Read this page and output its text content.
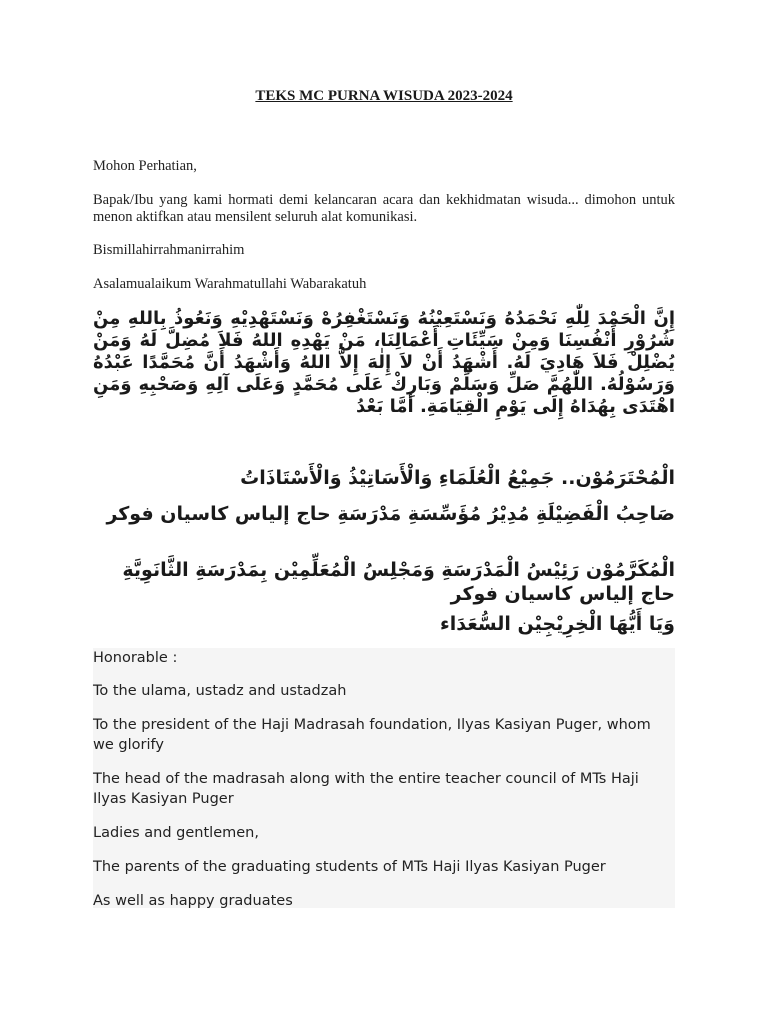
TEKS MC PURNA WISUDA 2023-2024

Mohon Perhatian,

Bapak/Ibu yang kami hormati demi kelancaran acara dan kekhidmatan wisuda... dimohon untuk menon aktifkan atau mensilent seluruh alat komunikasi.

Bismillahirrahmanirrahim

Asalamualaikum Warahmatullahi Wabarakatuh

إِنَّ الْحَمْدَ لِلّٰهِ نَحْمَدُهُ وَنَسْتَعِيْنُهُ وَنَسْتَغْفِرُهْ وَنَسْتَهْدِيْهِ وَنَعُوذُ بِاللهِ مِنْ شُرُوْرِ أَنْفُسِنَا وَمِنْ سَيِّئَاتِ أَعْمَالِنَا، مَنْ يَهْدِهِ اللهُ فَلاَ مُضِلَّ لَهُ وَمَنْ يُضْلِلْ فَلاَ هَادِيَ لَهُ. أَشْهَدُ أَنْ لاَ إِلٰهَ إِلاَّ اللهُ وَأَشْهَدُ أَنَّ مُحَمَّدًا عَبْدُهُ وَرَسُوْلُهُ. اللّٰهُمَّ صَلِّ وَسَلِّمْ وَبَارِكْ عَلَى مُحَمَّدٍ وَعَلَى آلِهِ وَصَحْبِهِ وَمَنِ اهْتَدَى بِهُدَاهُ إِلَى يَوْمِ الْقِيَامَةِ. أَمَّا بَعْدُ

الْمُحْتَرَمُوْن.. جَمِيْعُ الْعُلَمَاءِ وَالْأَسَاتِيْذُ وَالْأَسْتَاذَاتُ

صَاحِبُ الْفَضِيْلَةِ مُدِيْرُ مُؤَسِّسَةِ مَدْرَسَةِ حاج إلياس كاسيان فوكر

الْمُكَرَّمُوْن رَئِيْسُ الْمَدْرَسَةِ وَمَجْلِسُ الْمُعَلِّمِيْن بِمَدْرَسَةِ الثَّانَوِيَّةِ حاج إلياس كاسيان فوكر

وَيَا أَيُّهَا الْخِرِيْجِيْن السُّعَدَاء

Honorable :

To the ulama, ustadz and ustadzah

To the president of the Haji Madrasah foundation, Ilyas Kasiyan Puger, whom we glorify

The head of the madrasah along with the entire teacher council of MTs Haji Ilyas Kasiyan Puger

Ladies and gentlemen,

The parents of the graduating students of MTs Haji Ilyas Kasiyan Puger

As well as happy graduates
